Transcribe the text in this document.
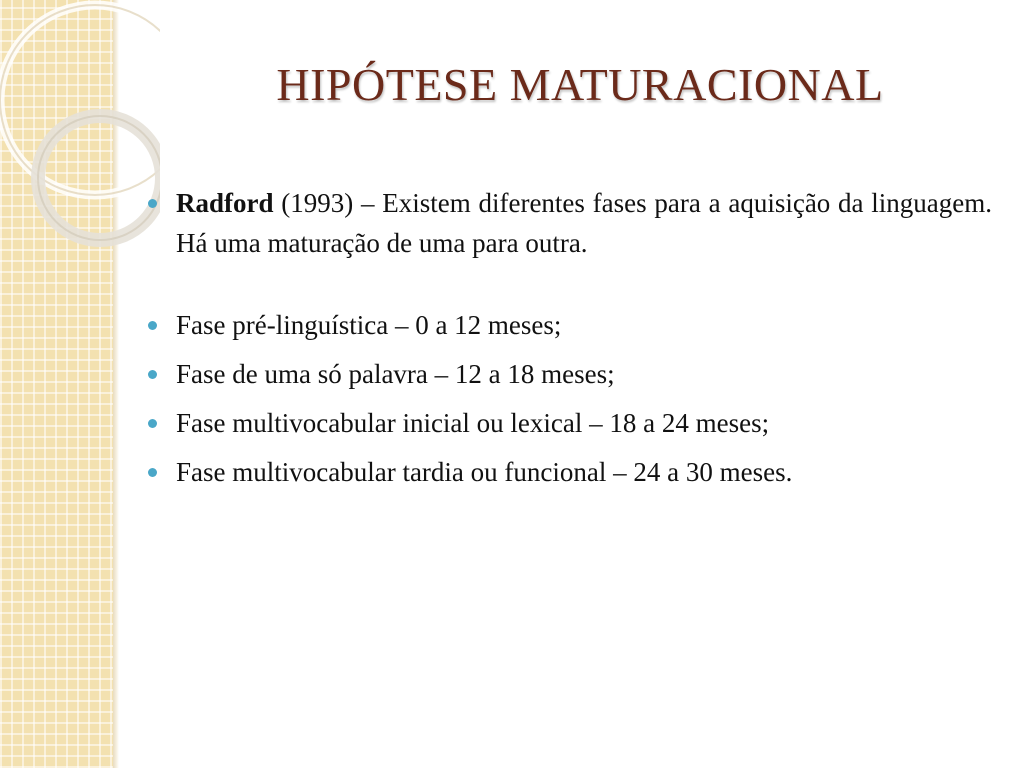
HIPÓTESE MATURACIONAL
Radford (1993) – Existem diferentes fases para a aquisição da linguagem. Há uma maturação de uma para outra.
Fase pré-linguística – 0 a 12 meses;
Fase de uma só palavra – 12 a 18 meses;
Fase multivocabular inicial ou lexical – 18 a 24 meses;
Fase multivocabular tardia ou funcional – 24 a 30 meses.
